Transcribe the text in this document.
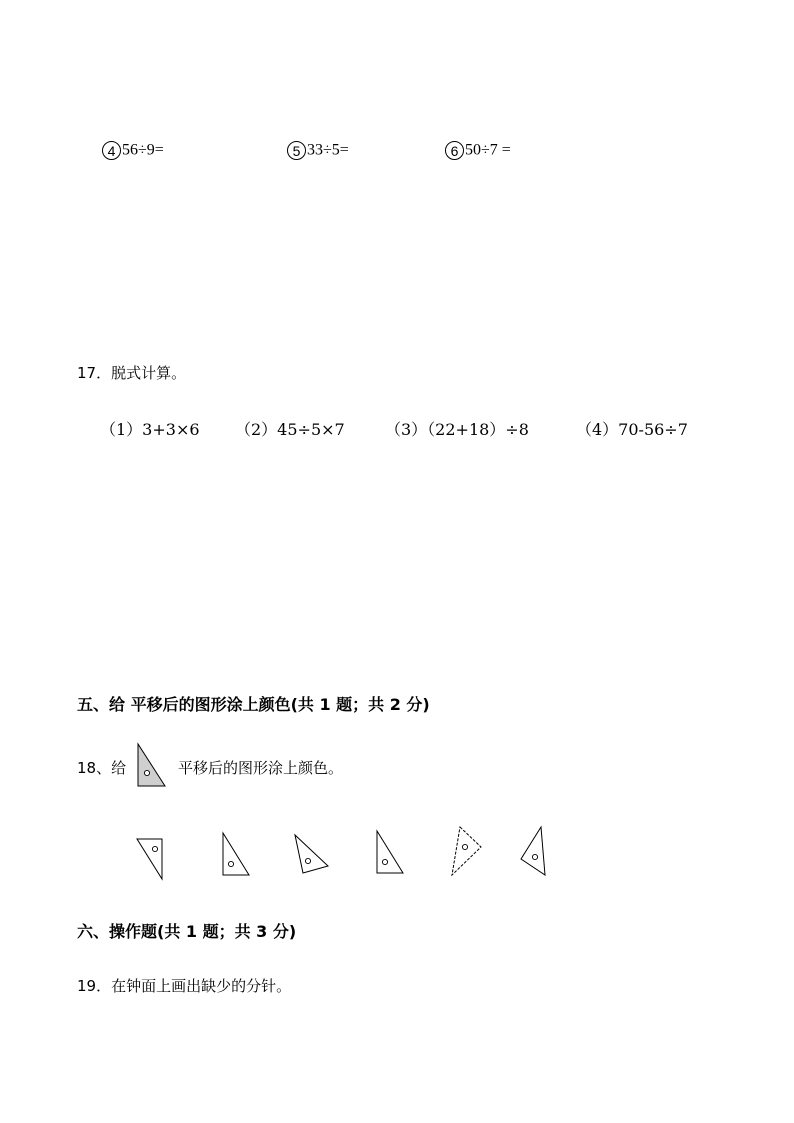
4 56÷9=	5 33÷5=	6 50÷7 =
17．脱式计算。
（1）3+3×6 （2）45÷5×7	（3）（22+18）÷8	（4）70-56÷7
五、给 平移后的图形涂上颜色(共 1 题；共 2 分)
18、给	平移后的图形涂上颜色。
六、操作题(共 1 题；共 3 分)
19．在钟面上画出缺少的分针。
